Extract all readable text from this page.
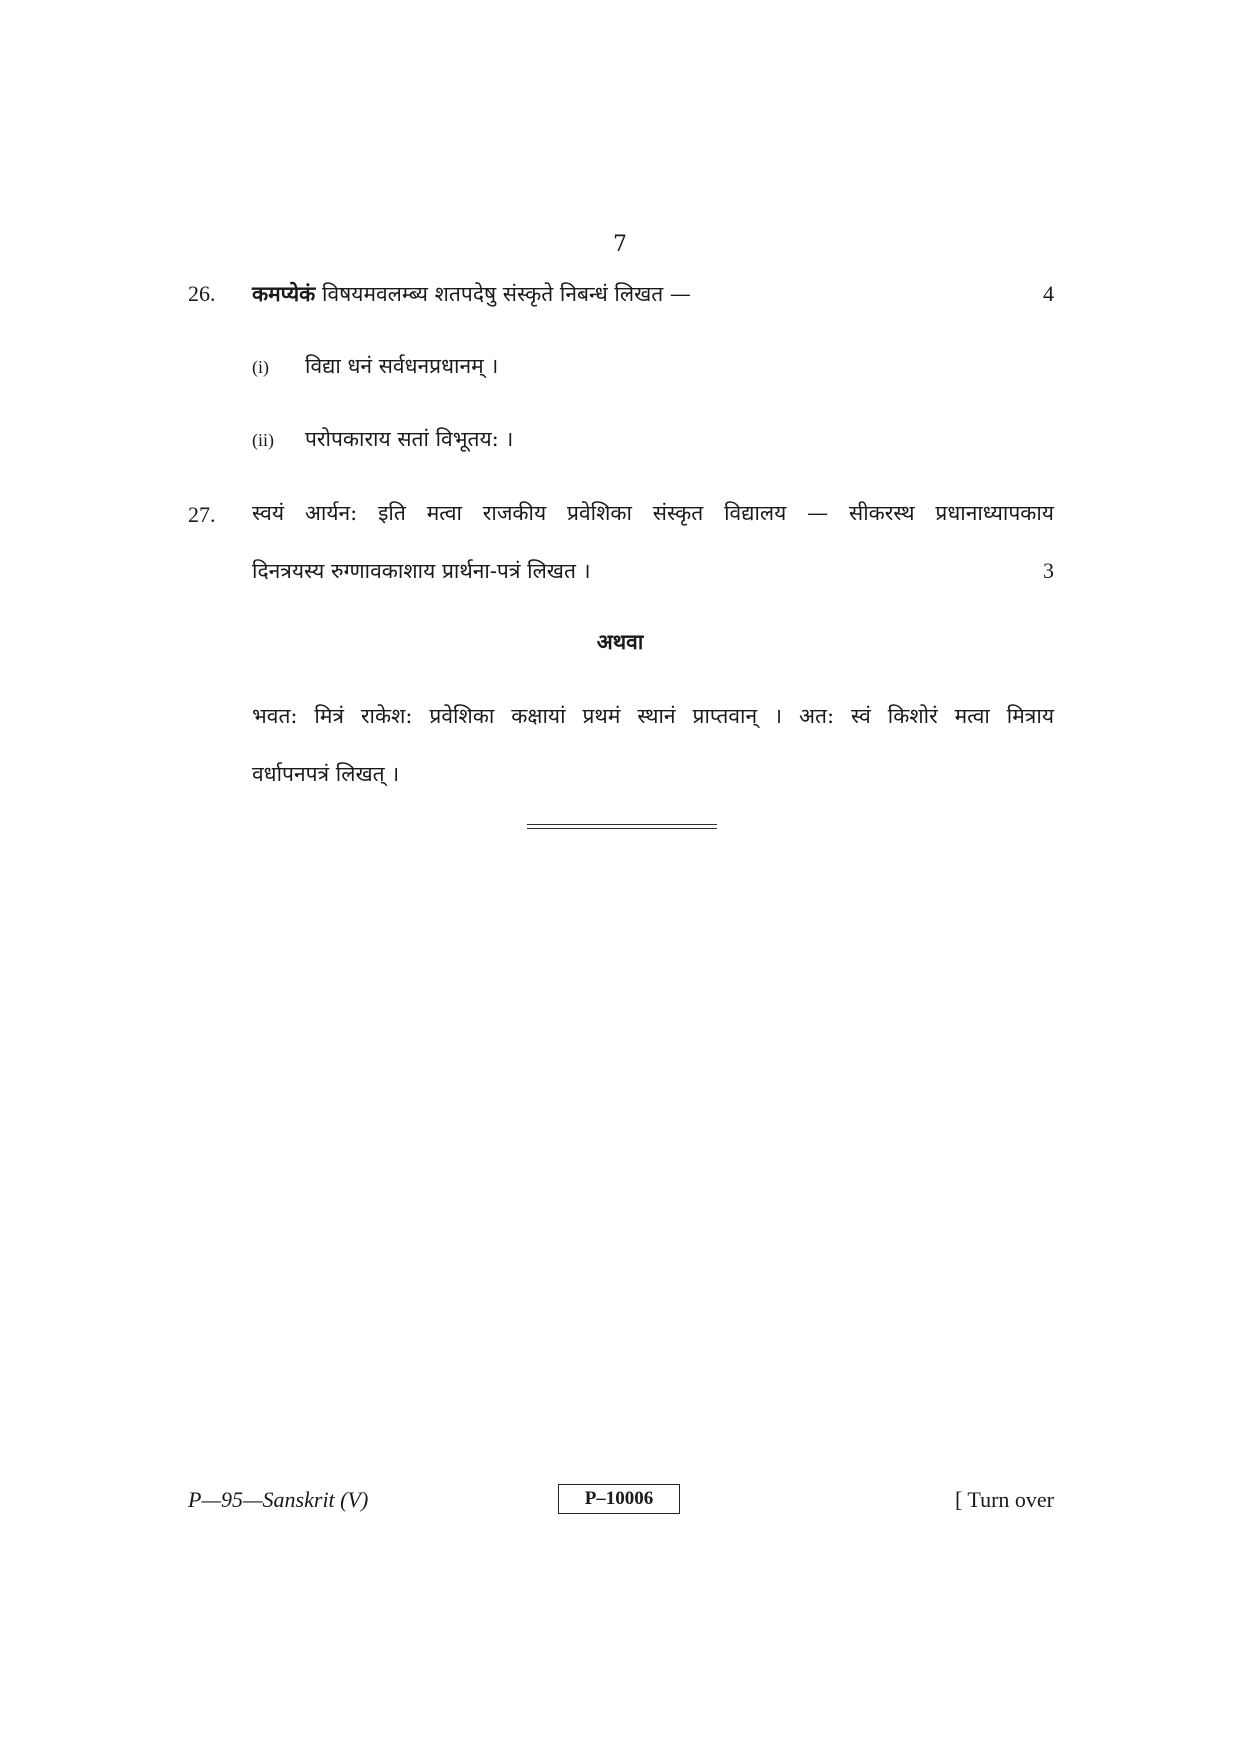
7
26. कमप्येकं विषयमवलम्ब्य शतपदेषु संस्कृते निबन्धं लिखत —	4
(i) विद्या धनं सर्वधनप्रधानम् ।
(ii) परोपकाराय सतां विभूतय: ।
27. स्वयं आर्यन: इति मत्वा राजकीय प्रवेशिका संस्कृत विद्यालय — सीकरस्थ प्रधानाध्यापकाय
दिनत्रयस्य रुग्णावकाशाय प्रार्थना-पत्रं लिखत ।	3
अथवा
भवत: मित्रं राकेश: प्रवेशिका कक्षायां प्रथमं स्थानं प्राप्तवान् । अत: स्वं किशोरं मत्वा मित्राय
वर्धापनपत्रं लिखत् ।
P—95—Sanskrit (V)	P–10006	[ Turn over
